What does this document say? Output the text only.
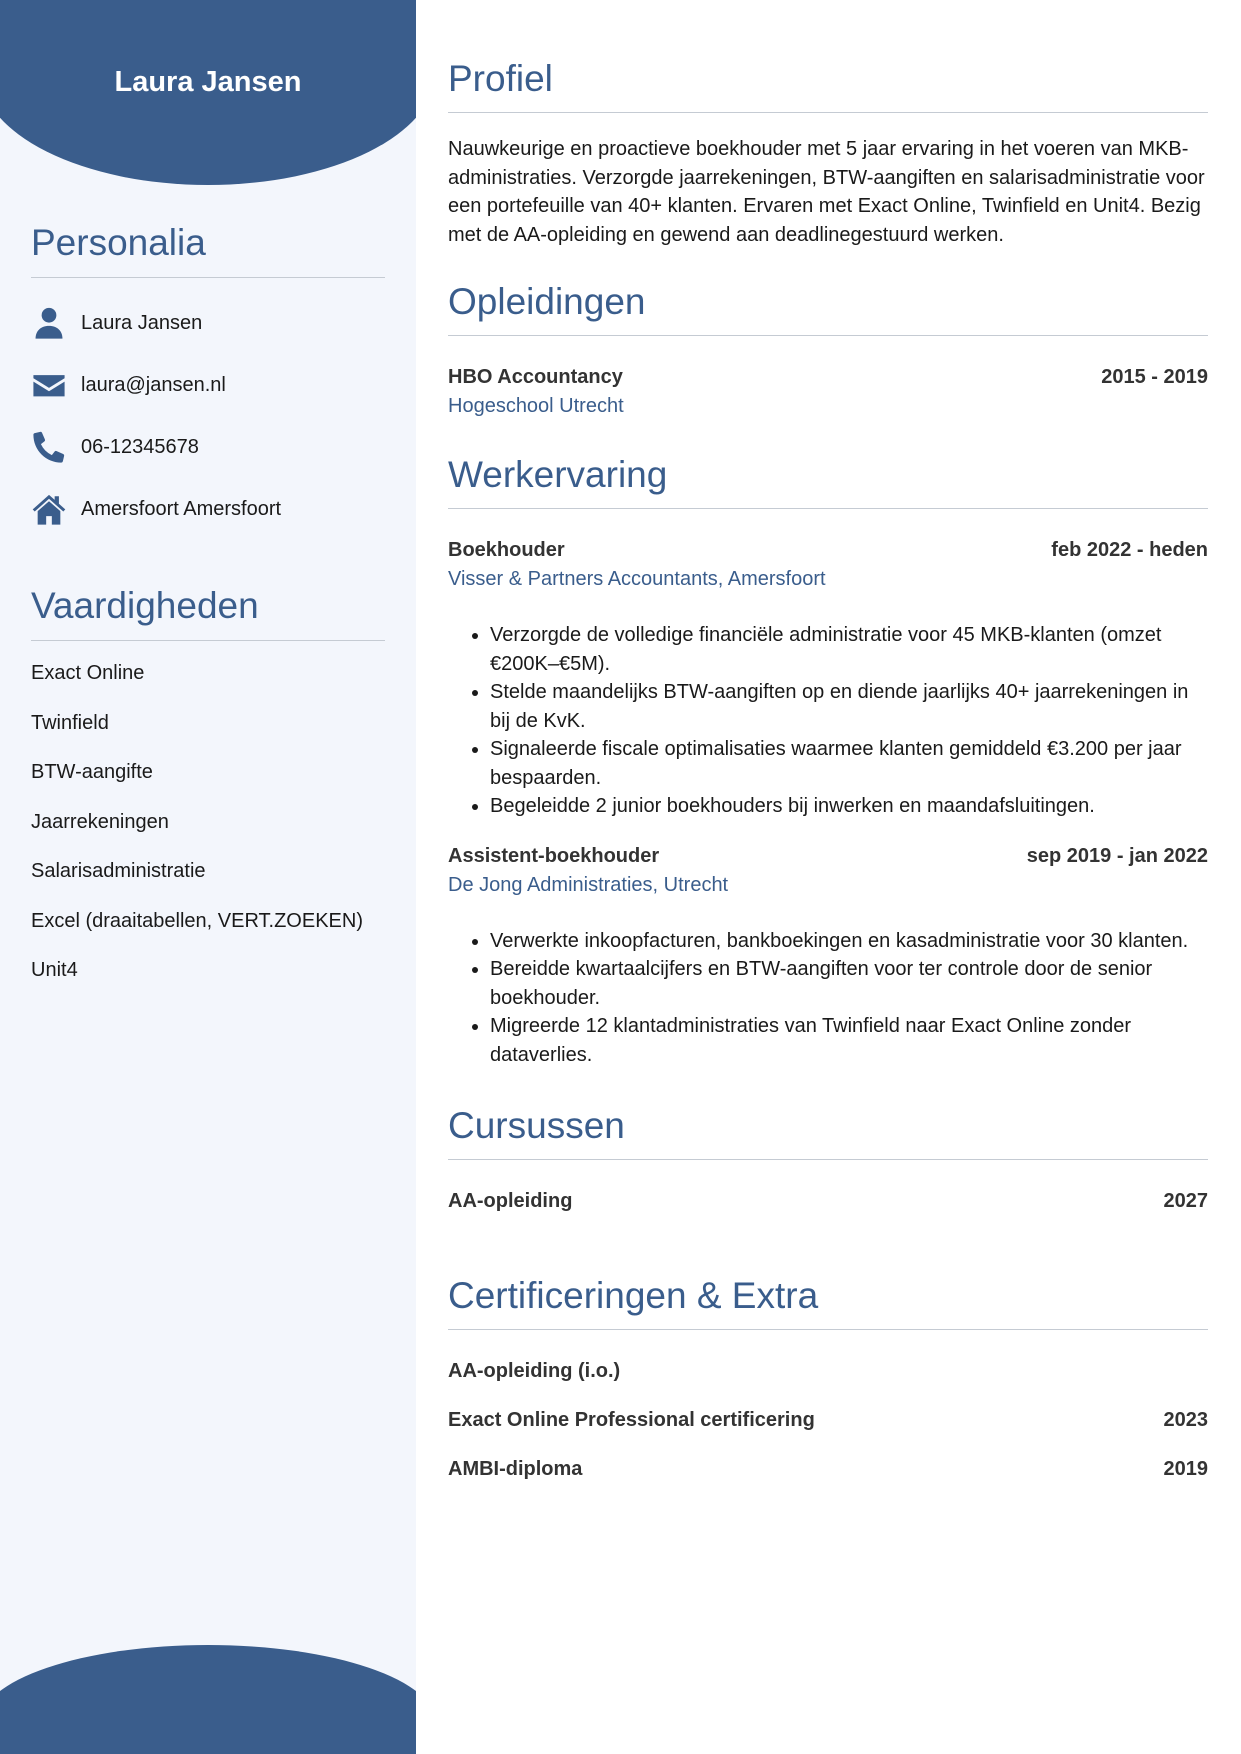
Laura Jansen
Personalia
Laura Jansen
laura@jansen.nl
06-12345678
Amersfoort Amersfoort
Vaardigheden
Exact Online
Twinfield
BTW-aangifte
Jaarrekeningen
Salarisadministratie
Excel (draaitabellen, VERT.ZOEKEN)
Unit4
Profiel

Nauwkeurige en proactieve boekhouder met 5 jaar ervaring in het voeren van MKB-administraties. Verzorgde jaarrekeningen, BTW-aangiften en salarisadministratie voor een portefeuille van 40+ klanten. Ervaren met Exact Online, Twinfield en Unit4. Bezig met de AA-opleiding en gewend aan deadlinegestuurd werken.

Opleidingen
HBO Accountancy	2015 - 2019
Hogeschool Utrecht
Werkervaring
Boekhouder	feb 2022 - heden
Visser & Partners Accountants, Amersfoort
• Verzorgde de volledige financiële administratie voor 45 MKB-klanten (omzet €200K–€5M).
• Stelde maandelijks BTW-aangiften op en diende jaarlijks 40+ jaarrekeningen in bij de KvK.
• Signaleerde fiscale optimalisaties waarmee klanten gemiddeld €3.200 per jaar bespaarden.
• Begeleidde 2 junior boekhouders bij inwerken en maandafsluitingen.
Assistent-boekhouder	sep 2019 - jan 2022
De Jong Administraties, Utrecht
• Verwerkte inkoopfacturen, bankboekingen en kasadministratie voor 30 klanten.
• Bereidde kwartaalcijfers en BTW-aangiften voor ter controle door de senior boekhouder.
• Migreerde 12 klantadministraties van Twinfield naar Exact Online zonder dataverlies.
Cursussen
AA-opleiding	2027
Certificeringen & Extra
AA-opleiding (i.o.)
Exact Online Professional certificering	2023
AMBI-diploma	2019
